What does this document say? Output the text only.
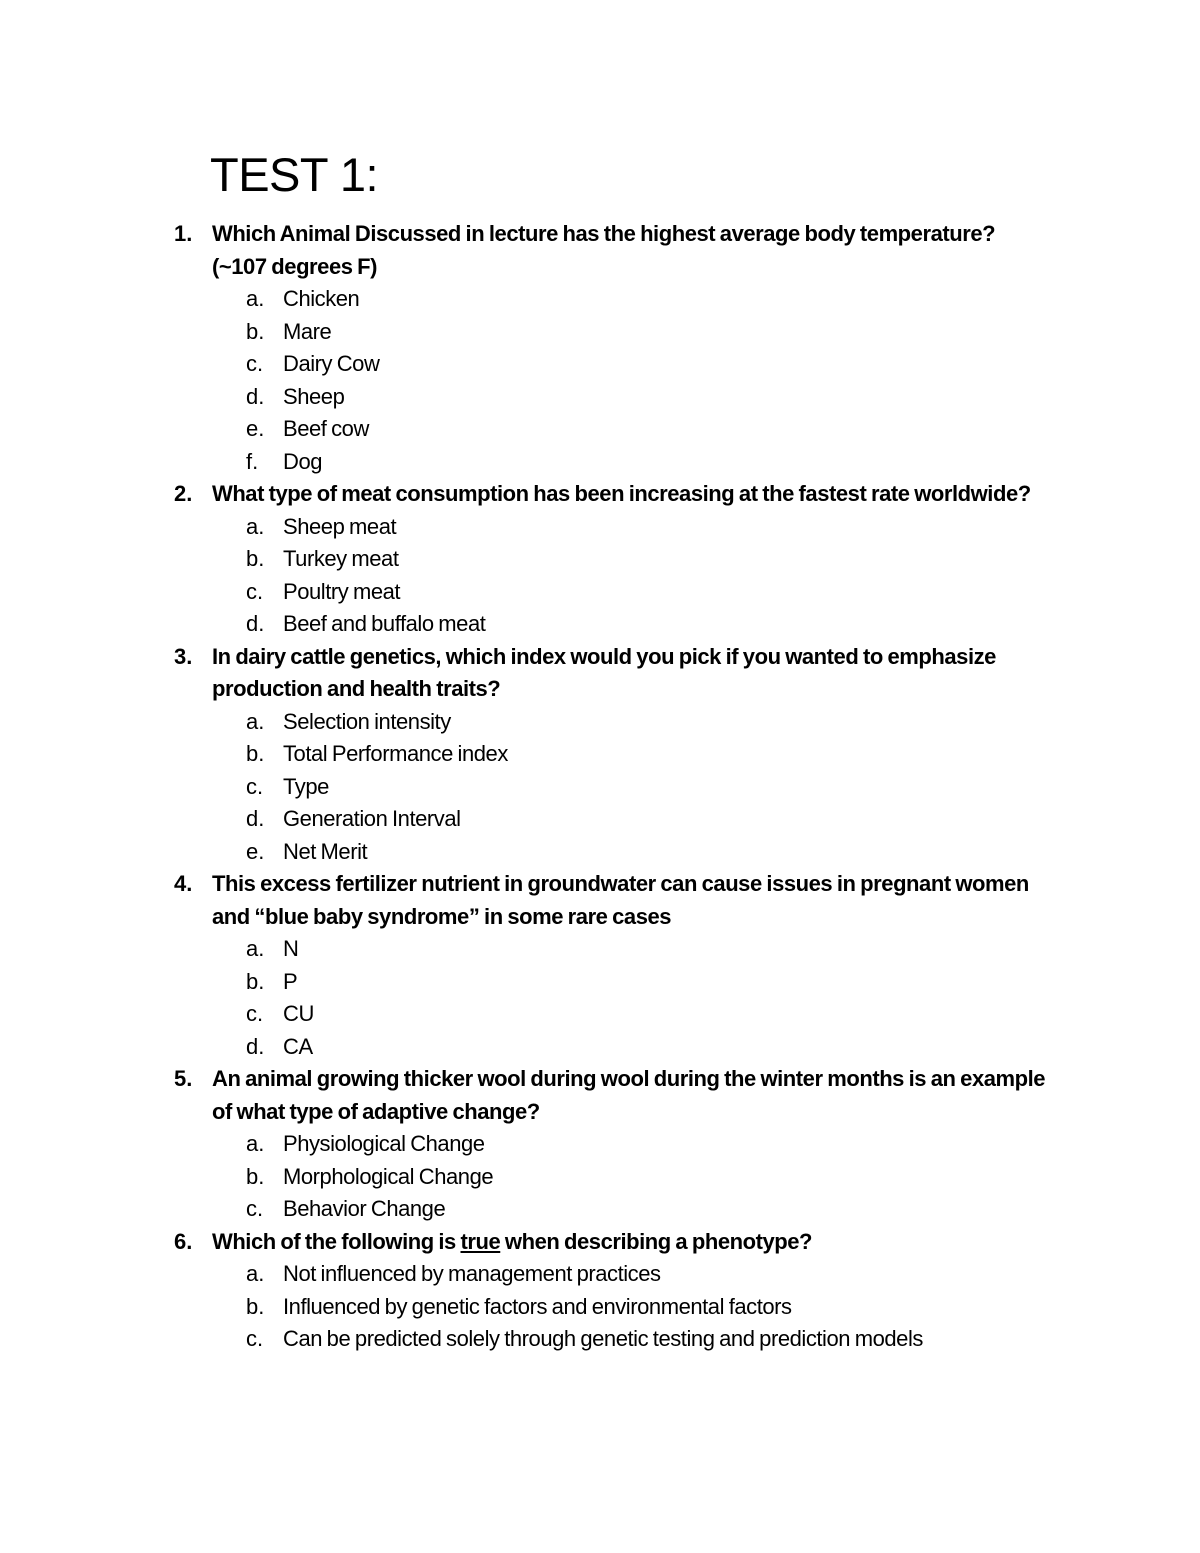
TEST 1:
1. Which Animal Discussed in lecture has the highest average body temperature? (~107 degrees F)
a. Chicken
b. Mare
c. Dairy Cow
d. Sheep
e. Beef cow
f.	Dog
2. What type of meat consumption has been increasing at the fastest rate worldwide?
a. Sheep meat
b. Turkey meat
c. Poultry meat
d. Beef and buffalo meat
3. In dairy cattle genetics, which index would you pick if you wanted to emphasize production and health traits?
a. Selection intensity
b. Total Performance index
c. Type
d. Generation Interval
e. Net Merit
4. This excess fertilizer nutrient in groundwater can cause issues in pregnant women and “blue baby syndrome” in some rare cases
a. N
b. P
c. CU
d. CA
5. An animal growing thicker wool during wool during the winter months is an example of what type of adaptive change?
a. Physiological Change
b. Morphological Change
c. Behavior Change
6. Which of the following is true when describing a phenotype?
a. Not influenced by management practices
b. Influenced by genetic factors and environmental factors
c. Can be predicted solely through genetic testing and prediction models
